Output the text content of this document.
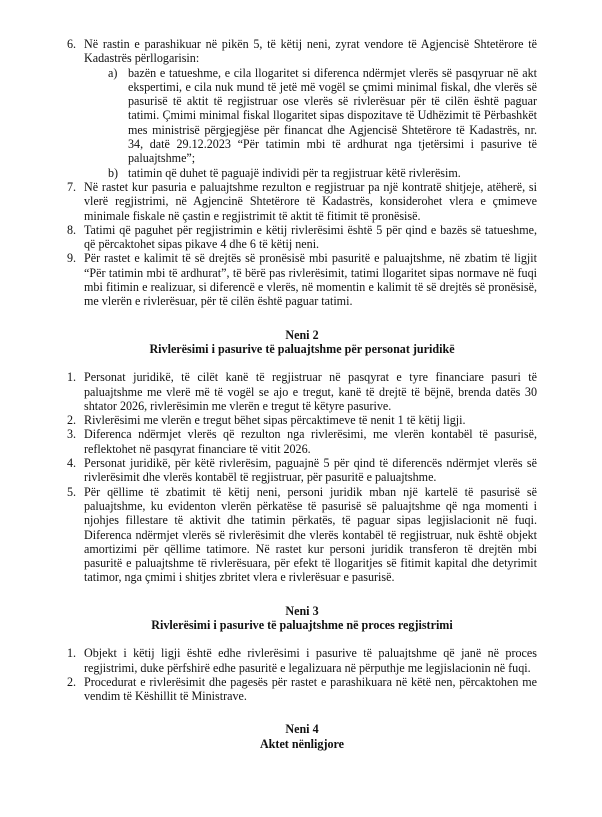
6. Në rastin e parashikuar në pikën 5, të këtij neni, zyrat vendore të Agjencisë Shtetërore të Kadastrës përllogarisin:
a) bazën e tatueshme, e cila llogaritet si diferenca ndërmjet vlerës së pasqyruar në akt ekspertimi, e cila nuk mund të jetë më vogël se çmimi minimal fiskal, dhe vlerës së pasurisë të aktit të regjistruar ose vlerës së rivlerësuar për të cilën është paguar tatimi. Çmimi minimal fiskal llogaritet sipas dispozitave të Udhëzimit të Përbashkët mes ministrisë përgjegjëse për financat dhe Agjencisë Shtetërore të Kadastrës, nr. 34, datë 29.12.2023 “Për tatimin mbi të ardhurat nga tjetërsimi i pasurive të paluajtshme”;
b) tatimin që duhet të paguajë individi për ta regjistruar këtë rivlerësim.
7. Në rastet kur pasuria e paluajtshme rezulton e regjistruar pa një kontratë shitjeje, atëherë, si vlerë regjistrimi, në Agjencinë Shtetërore të Kadastrës, konsiderohet vlera e çmimeve minimale fiskale në çastin e regjistrimit të aktit të fitimit të pronësisë.
8. Tatimi që paguhet për regjistrimin e këtij rivlerësimi është 5 për qind e bazës së tatueshme, që përcaktohet sipas pikave 4 dhe 6 të këtij neni.
9. Për rastet e kalimit të së drejtës së pronësisë mbi pasuritë e paluajtshme, në zbatim të ligjit “Për tatimin mbi të ardhurat”, të bërë pas rivlerësimit, tatimi llogaritet sipas normave në fuqi mbi fitimin e realizuar, si diferencë e vlerës, në momentin e kalimit të së drejtës së pronësisë, me vlerën e rivlerësuar, për të cilën është paguar tatimi.
Neni 2
Rivlerësimi i pasurive të paluajtshme për personat juridikë
1. Personat juridikë, të cilët kanë të regjistruar në pasqyrat e tyre financiare pasuri të paluajtshme me vlerë më të vogël se ajo e tregut, kanë të drejtë të bëjnë, brenda datës 30 shtator 2026, rivlerësimin me vlerën e tregut të këtyre pasurive.
2. Rivlerësimi me vlerën e tregut bëhet sipas përcaktimeve të nenit 1 të këtij ligji.
3. Diferenca ndërmjet vlerës që rezulton nga rivlerësimi, me vlerën kontabël të pasurisë, reflektohet në pasqyrat financiare të vitit 2026.
4. Personat juridikë, për këtë rivlerësim, paguajnë 5 për qind të diferencës ndërmjet vlerës së rivlerësimit dhe vlerës kontabël të regjistruar, për pasuritë e paluajtshme.
5. Për qëllime të zbatimit të këtij neni, personi juridik mban një kartelë të pasurisë së paluajtshme, ku evidenton vlerën përkatëse të pasurisë së paluajtshme që nga momenti i njohjes fillestare të aktivit dhe tatimin përkatës, të paguar sipas legjislacionit në fuqi. Diferenca ndërmjet vlerës së rivlerësimit dhe vlerës kontabël të regjistruar, nuk është objekt amortizimi për qëllime tatimore. Në rastet kur personi juridik transferon të drejtën mbi pasuritë e paluajtshme të rivlerësuara, për efekt të llogaritjes së fitimit kapital dhe detyrimit tatimor, nga çmimi i shitjes zbritet vlera e rivlerësuar e pasurisë.
Neni 3
Rivlerësimi i pasurive të paluajtshme në proces regjistrimi
1. Objekt i këtij ligji është edhe rivlerësimi i pasurive të paluajtshme që janë në proces regjistrimi, duke përfshirë edhe pasuritë e legalizuara në përputhje me legjislacionin në fuqi.
2. Procedurat e rivlerësimit dhe pagesës për rastet e parashikuara në këtë nen, përcaktohen me vendim të Këshillit të Ministrave.
Neni 4
Aktet nënligjore
